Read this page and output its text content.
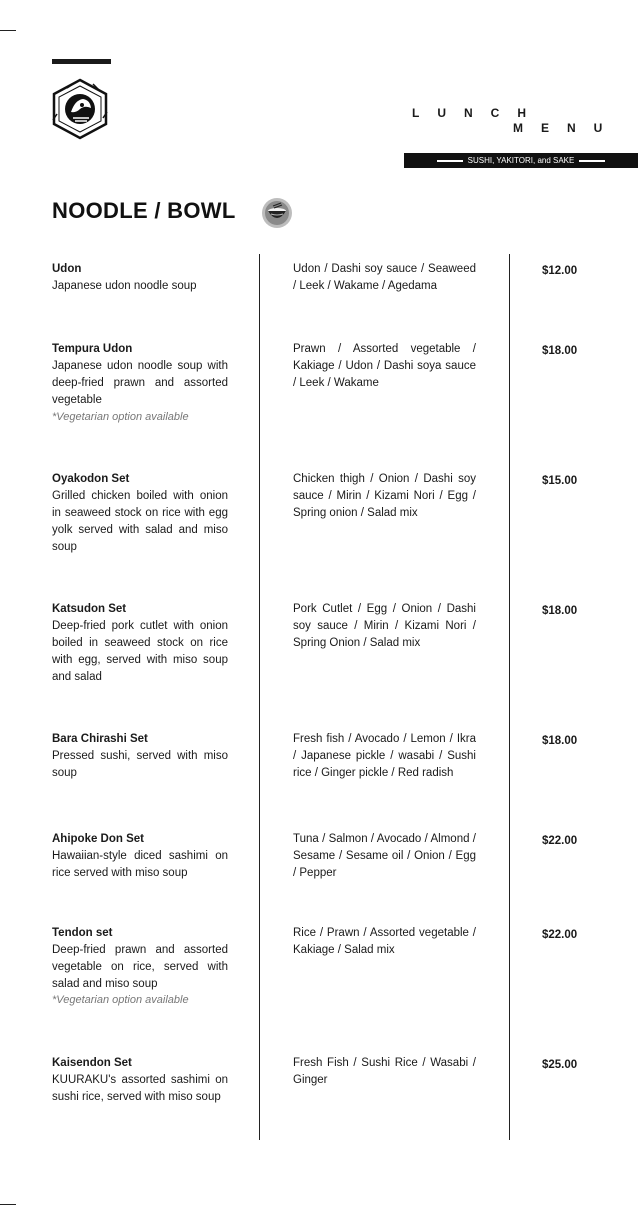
LUNCH
MENU
SUSHI, YAKITORI, and SAKE
NOODLE / BOWL
Udon
Japanese udon noodle soup
Udon / Dashi soy sauce / Seaweed / Leek / Wakame / Agedama
$12.00
Tempura Udon
Japanese udon noodle soup with deep-fried prawn and assorted vegetable
*Vegetarian option available
Prawn / Assorted vegetable / Kakiage / Udon / Dashi soya sauce / Leek / Wakame
$18.00
Oyakodon Set
Grilled chicken boiled with onion in seaweed stock on rice with egg yolk served with salad and miso soup
Chicken thigh / Onion / Dashi soy sauce / Mirin / Kizami Nori / Egg / Spring onion / Salad mix
$15.00
Katsudon Set
Deep-fried pork cutlet with onion boiled in seaweed stock on rice with egg, served with miso soup and salad
Pork Cutlet / Egg / Onion / Dashi soy sauce / Mirin / Kizami Nori / Spring Onion / Salad mix
$18.00
Bara Chirashi Set
Pressed sushi, served with miso soup
Fresh fish / Avocado / Lemon / Ikra / Japanese pickle / wasabi / Sushi rice / Ginger pickle / Red radish
$18.00
Ahipoke Don Set
Hawaiian-style diced sashimi on rice served with miso soup
Tuna / Salmon / Avocado / Almond / Sesame / Sesame oil / Onion / Egg / Pepper
$22.00
Tendon set
Deep-fried prawn and assorted vegetable on rice, served with salad and miso soup
*Vegetarian option available
Rice / Prawn / Assorted vegetable / Kakiage / Salad mix
$22.00
Kaisendon Set
KUURAKU's assorted sashimi on sushi rice, served with miso soup
Fresh Fish / Sushi Rice / Wasabi / Ginger
$25.00
